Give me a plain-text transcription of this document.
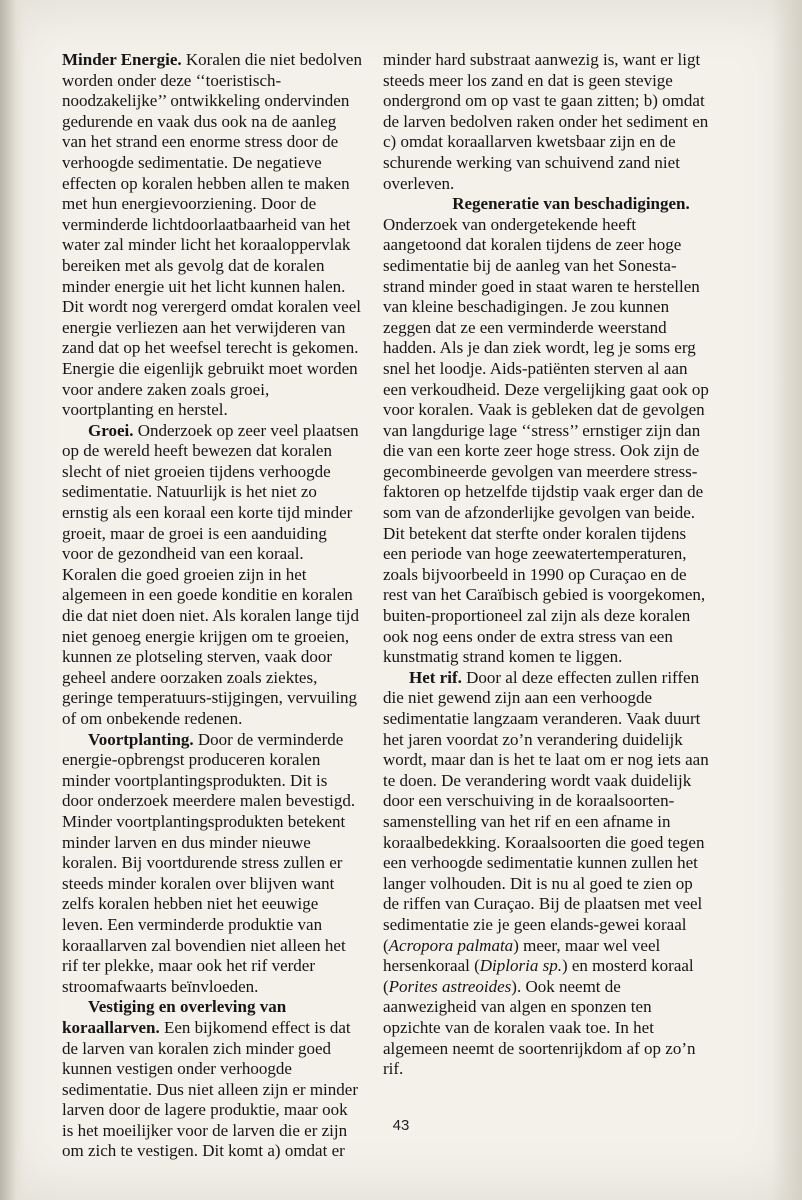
Minder Energie. Koralen die niet bedolven worden onder deze ‘‘toeristisch-noodzakelijke’’ ontwikkeling ondervinden gedurende en vaak dus ook na de aanleg van het strand een enorme stress door de verhoogde sedimentatie. De negatieve effecten op koralen hebben allen te maken met hun energievoorziening. Door de verminderde lichtdoorlaatbaarheid van het water zal minder licht het koraaloppervlak bereiken met als gevolg dat de koralen minder energie uit het licht kunnen halen. Dit wordt nog verergerd omdat koralen veel energie verliezen aan het verwijderen van zand dat op het weefsel terecht is gekomen. Energie die eigenlijk gebruikt moet worden voor andere zaken zoals groei, voortplanting en herstel.

Groei. Onderzoek op zeer veel plaatsen op de wereld heeft bewezen dat koralen slecht of niet groeien tijdens verhoogde sedimentatie. Natuurlijk is het niet zo ernstig als een koraal een korte tijd minder groeit, maar de groei is een aanduiding voor de gezondheid van een koraal. Koralen die goed groeien zijn in het algemeen in een goede konditie en koralen die dat niet doen niet. Als koralen lange tijd niet genoeg energie krijgen om te groeien, kunnen ze plotseling sterven, vaak door geheel andere oorzaken zoals ziektes, geringe temperatuurs-stijgingen, vervuiling of om onbekende redenen.

Voortplanting. Door de verminderde energie-opbrengst produceren koralen minder voortplantingsprodukten. Dit is door onderzoek meerdere malen bevestigd. Minder voortplantingsprodukten betekent minder larven en dus minder nieuwe koralen. Bij voortdurende stress zullen er steeds minder koralen over blijven want zelfs koralen hebben niet het eeuwige leven. Een verminderde produktie van koraallarven zal bovendien niet alleen het rif ter plekke, maar ook het rif verder stroomafwaarts beïnvloeden.

Vestiging en overleving van koraallarven. Een bijkomend effect is dat de larven van koralen zich minder goed kunnen vestigen onder verhoogde sedimentatie. Dus niet alleen zijn er minder larven door de lagere produktie, maar ook is het moeilijker voor de larven die er zijn om zich te vestigen. Dit komt a) omdat er

minder hard substraat aanwezig is, want er ligt steeds meer los zand en dat is geen stevige ondergrond om op vast te gaan zitten; b) omdat de larven bedolven raken onder het sediment en c) omdat koraallarven kwetsbaar zijn en de schurende werking van schuivend zand niet overleven.

Regeneratie van beschadigingen.

Onderzoek van ondergetekende heeft aangetoond dat koralen tijdens de zeer hoge sedimentatie bij de aanleg van het Sonesta-strand minder goed in staat waren te herstellen van kleine beschadigingen. Je zou kunnen zeggen dat ze een verminderde weerstand hadden. Als je dan ziek wordt, leg je soms erg snel het loodje. Aids-patiënten sterven al aan een verkoudheid. Deze vergelijking gaat ook op voor koralen. Vaak is gebleken dat de gevolgen van langdurige lage ‘‘stress’’ ernstiger zijn dan die van een korte zeer hoge stress. Ook zijn de gecombineerde gevolgen van meerdere stress-faktoren op hetzelfde tijdstip vaak erger dan de som van de afzonderlijke gevolgen van beide. Dit betekent dat sterfte onder koralen tijdens een periode van hoge zeewatertemperaturen, zoals bijvoorbeeld in 1990 op Curaçao en de rest van het Caraïbisch gebied is voorgekomen, buiten-proportioneel zal zijn als deze koralen ook nog eens onder de extra stress van een kunstmatig strand komen te liggen.

Het rif. Door al deze effecten zullen riffen die niet gewend zijn aan een verhoogde sedimentatie langzaam veranderen. Vaak duurt het jaren voordat zo’n verandering duidelijk wordt, maar dan is het te laat om er nog iets aan te doen. De verandering wordt vaak duidelijk door een verschuiving in de koraalsoorten-samenstelling van het rif en een afname in koraalbedekking. Koraalsoorten die goed tegen een verhoogde sedimentatie kunnen zullen het langer volhouden. Dit is nu al goed te zien op de riffen van Curaçao. Bij de plaatsen met veel sedimentatie zie je geen elands-gewei koraal (Acropora palmata) meer, maar wel veel hersenkoraal (Diploria sp.) en mosterd koraal (Porites astreoides). Ook neemt de aanwezigheid van algen en sponzen ten opzichte van de koralen vaak toe. In het algemeen neemt de soortenrijkdom af op zo’n rif.

43
